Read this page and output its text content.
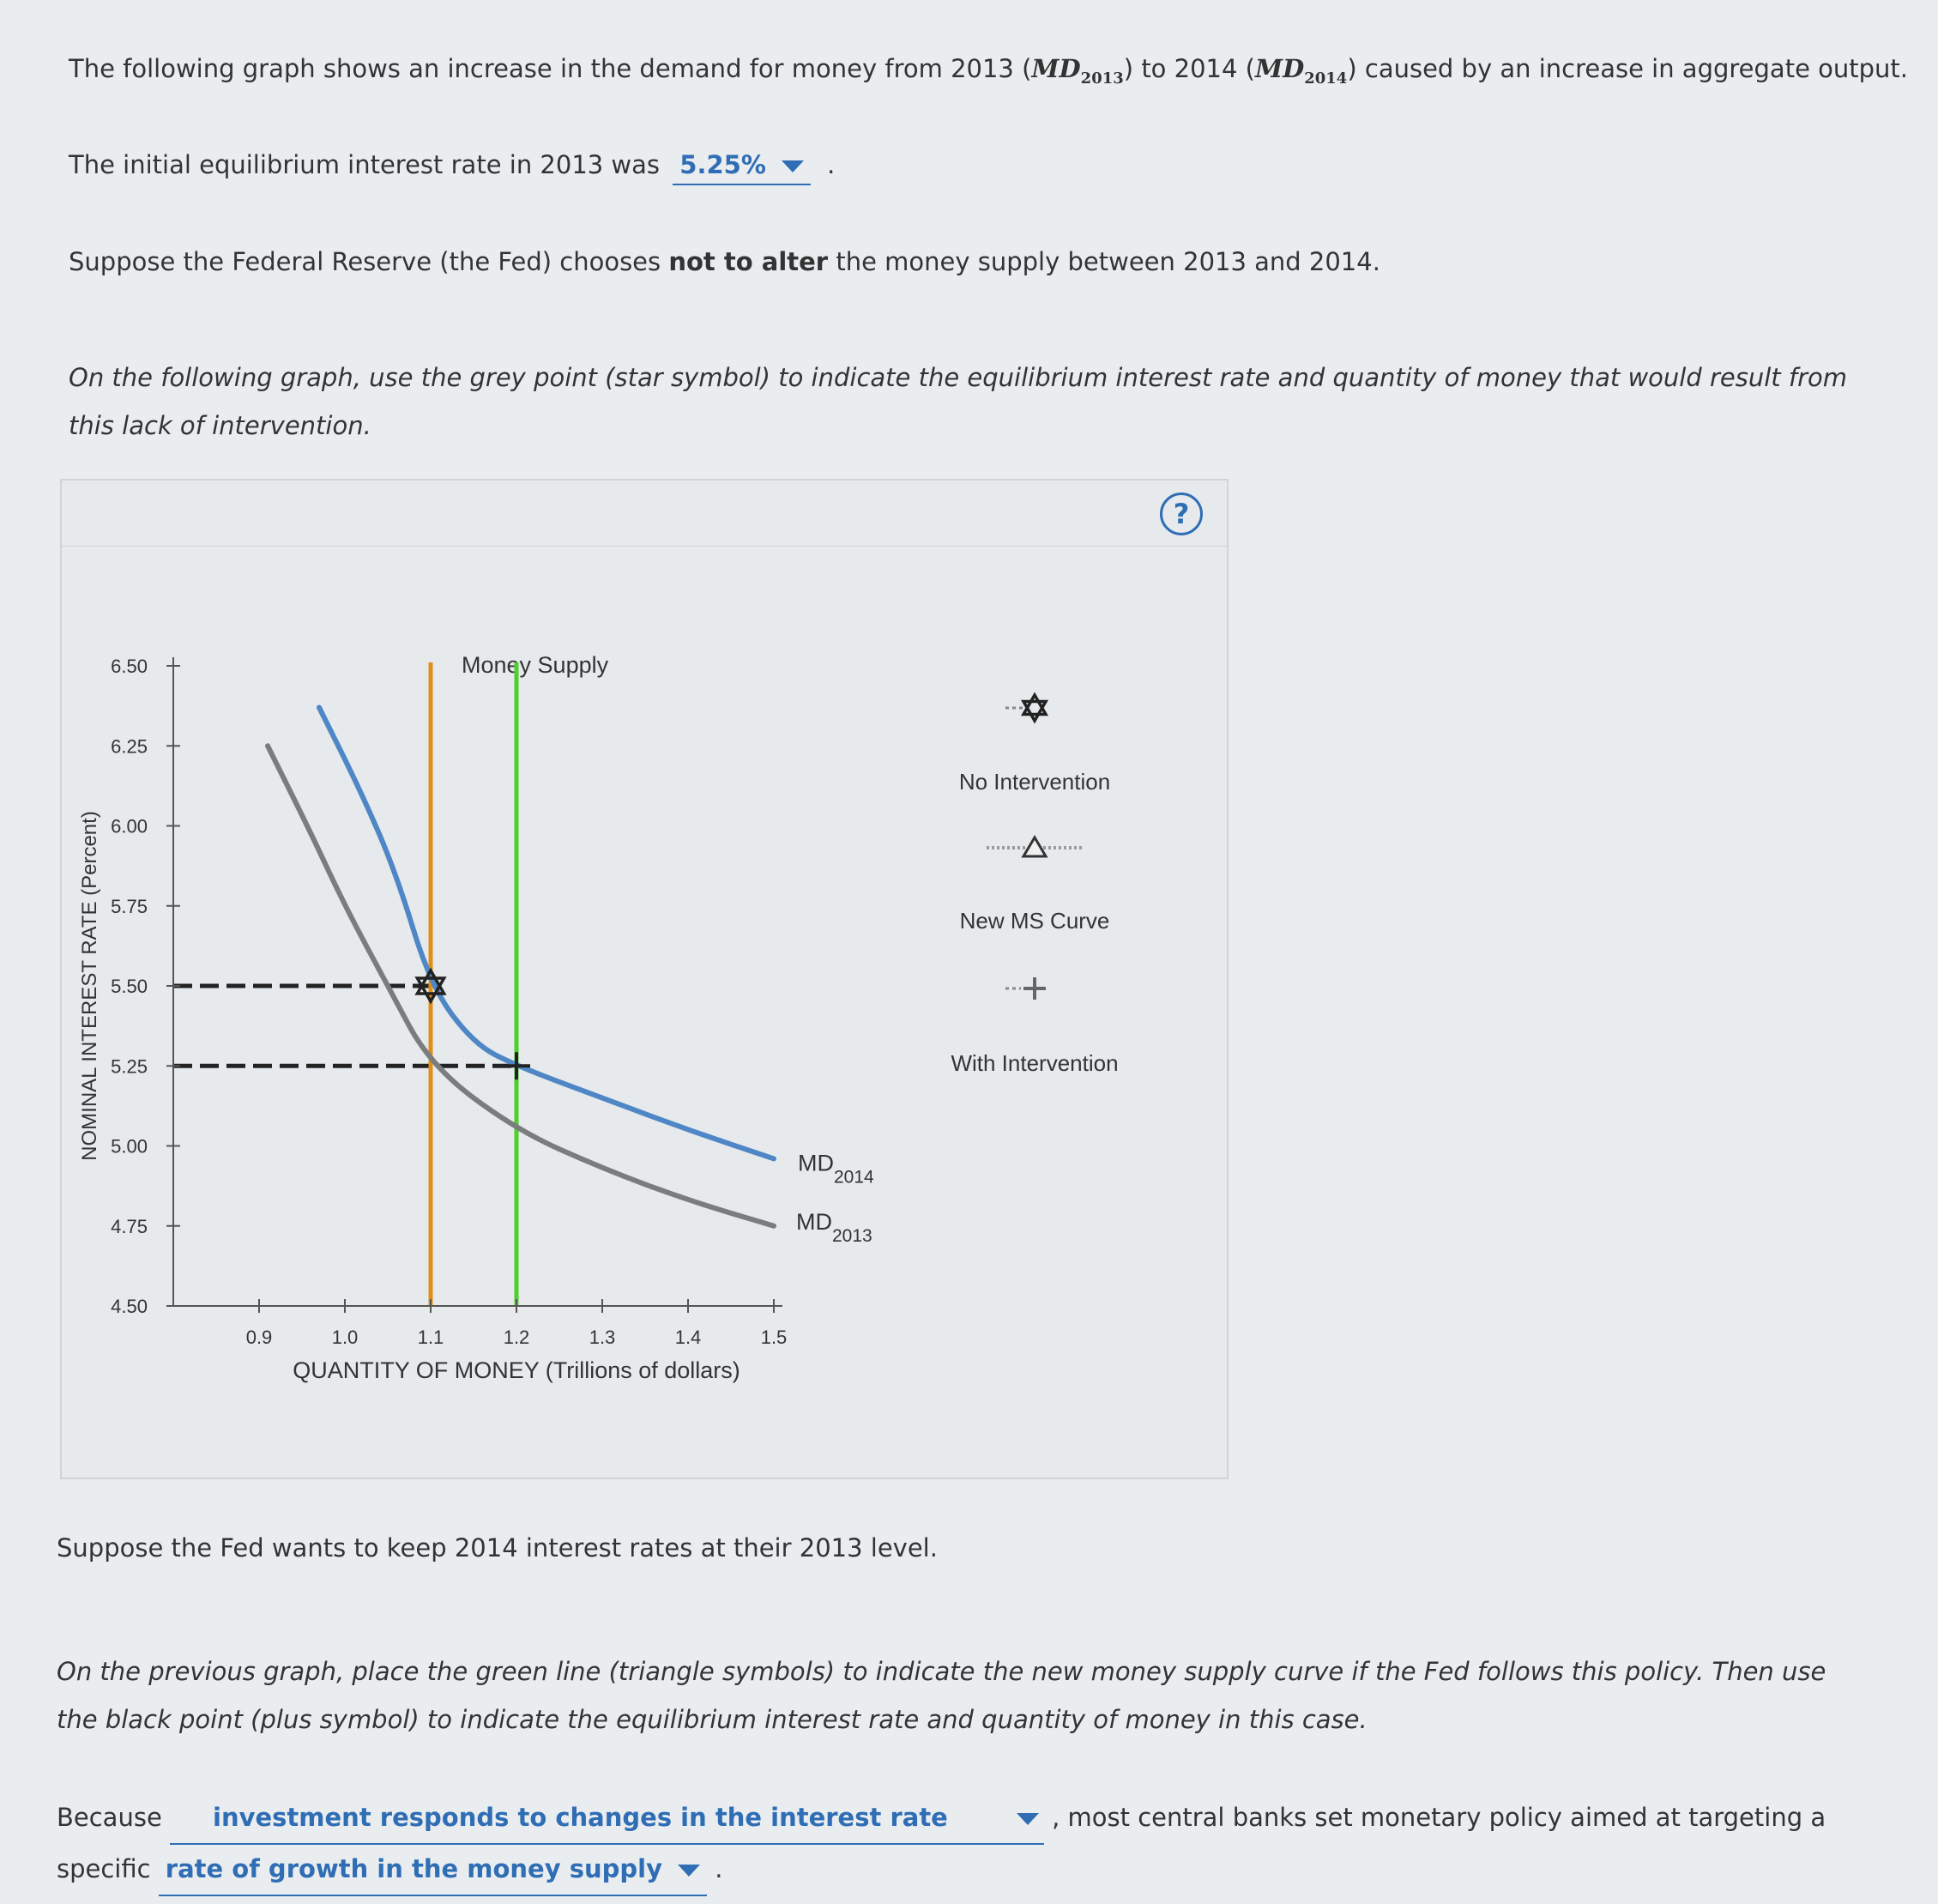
The following graph shows an increase in the demand for money from 2013 $(MD_{2013})$ to 2014 $(MD_{2014})$ caused by an increase in aggregate output.
The initial equilibrium interest rate in 2013 was 5.25% .
Suppose the Federal Reserve (the Fed) chooses not to alter the money supply between 2013 and 2014.
On the following graph, use the grey point (star symbol) to indicate the equilibrium interest rate and quantity of money that would result from this lack of intervention.
?
Money Supply
MD
2013
MD
2014
6.50
6.25
6.00
5.75
5.50
5.25
5.00
4.75
4.50
0.9	1.0	1.1	1.2	1.3	1.4	1.5
QUANTITY OF MONEY (Trillions of dollars)
NOMINAL INTEREST RATE (Percent)
No Intervention
New MS Curve
With Intervention
Suppose the Fed wants to keep 2014 interest rates at their 2013 level.
On the previous graph, place the green line (triangle symbols) to indicate the new money supply curve if the Fed follows this policy. Then use the black point (plus symbol) to indicate the equilibrium interest rate and quantity of money in this case.
Because investment responds to changes in the interest rate	, most central banks set monetary policy aimed at targeting a specific rate of growth in the money supply .
